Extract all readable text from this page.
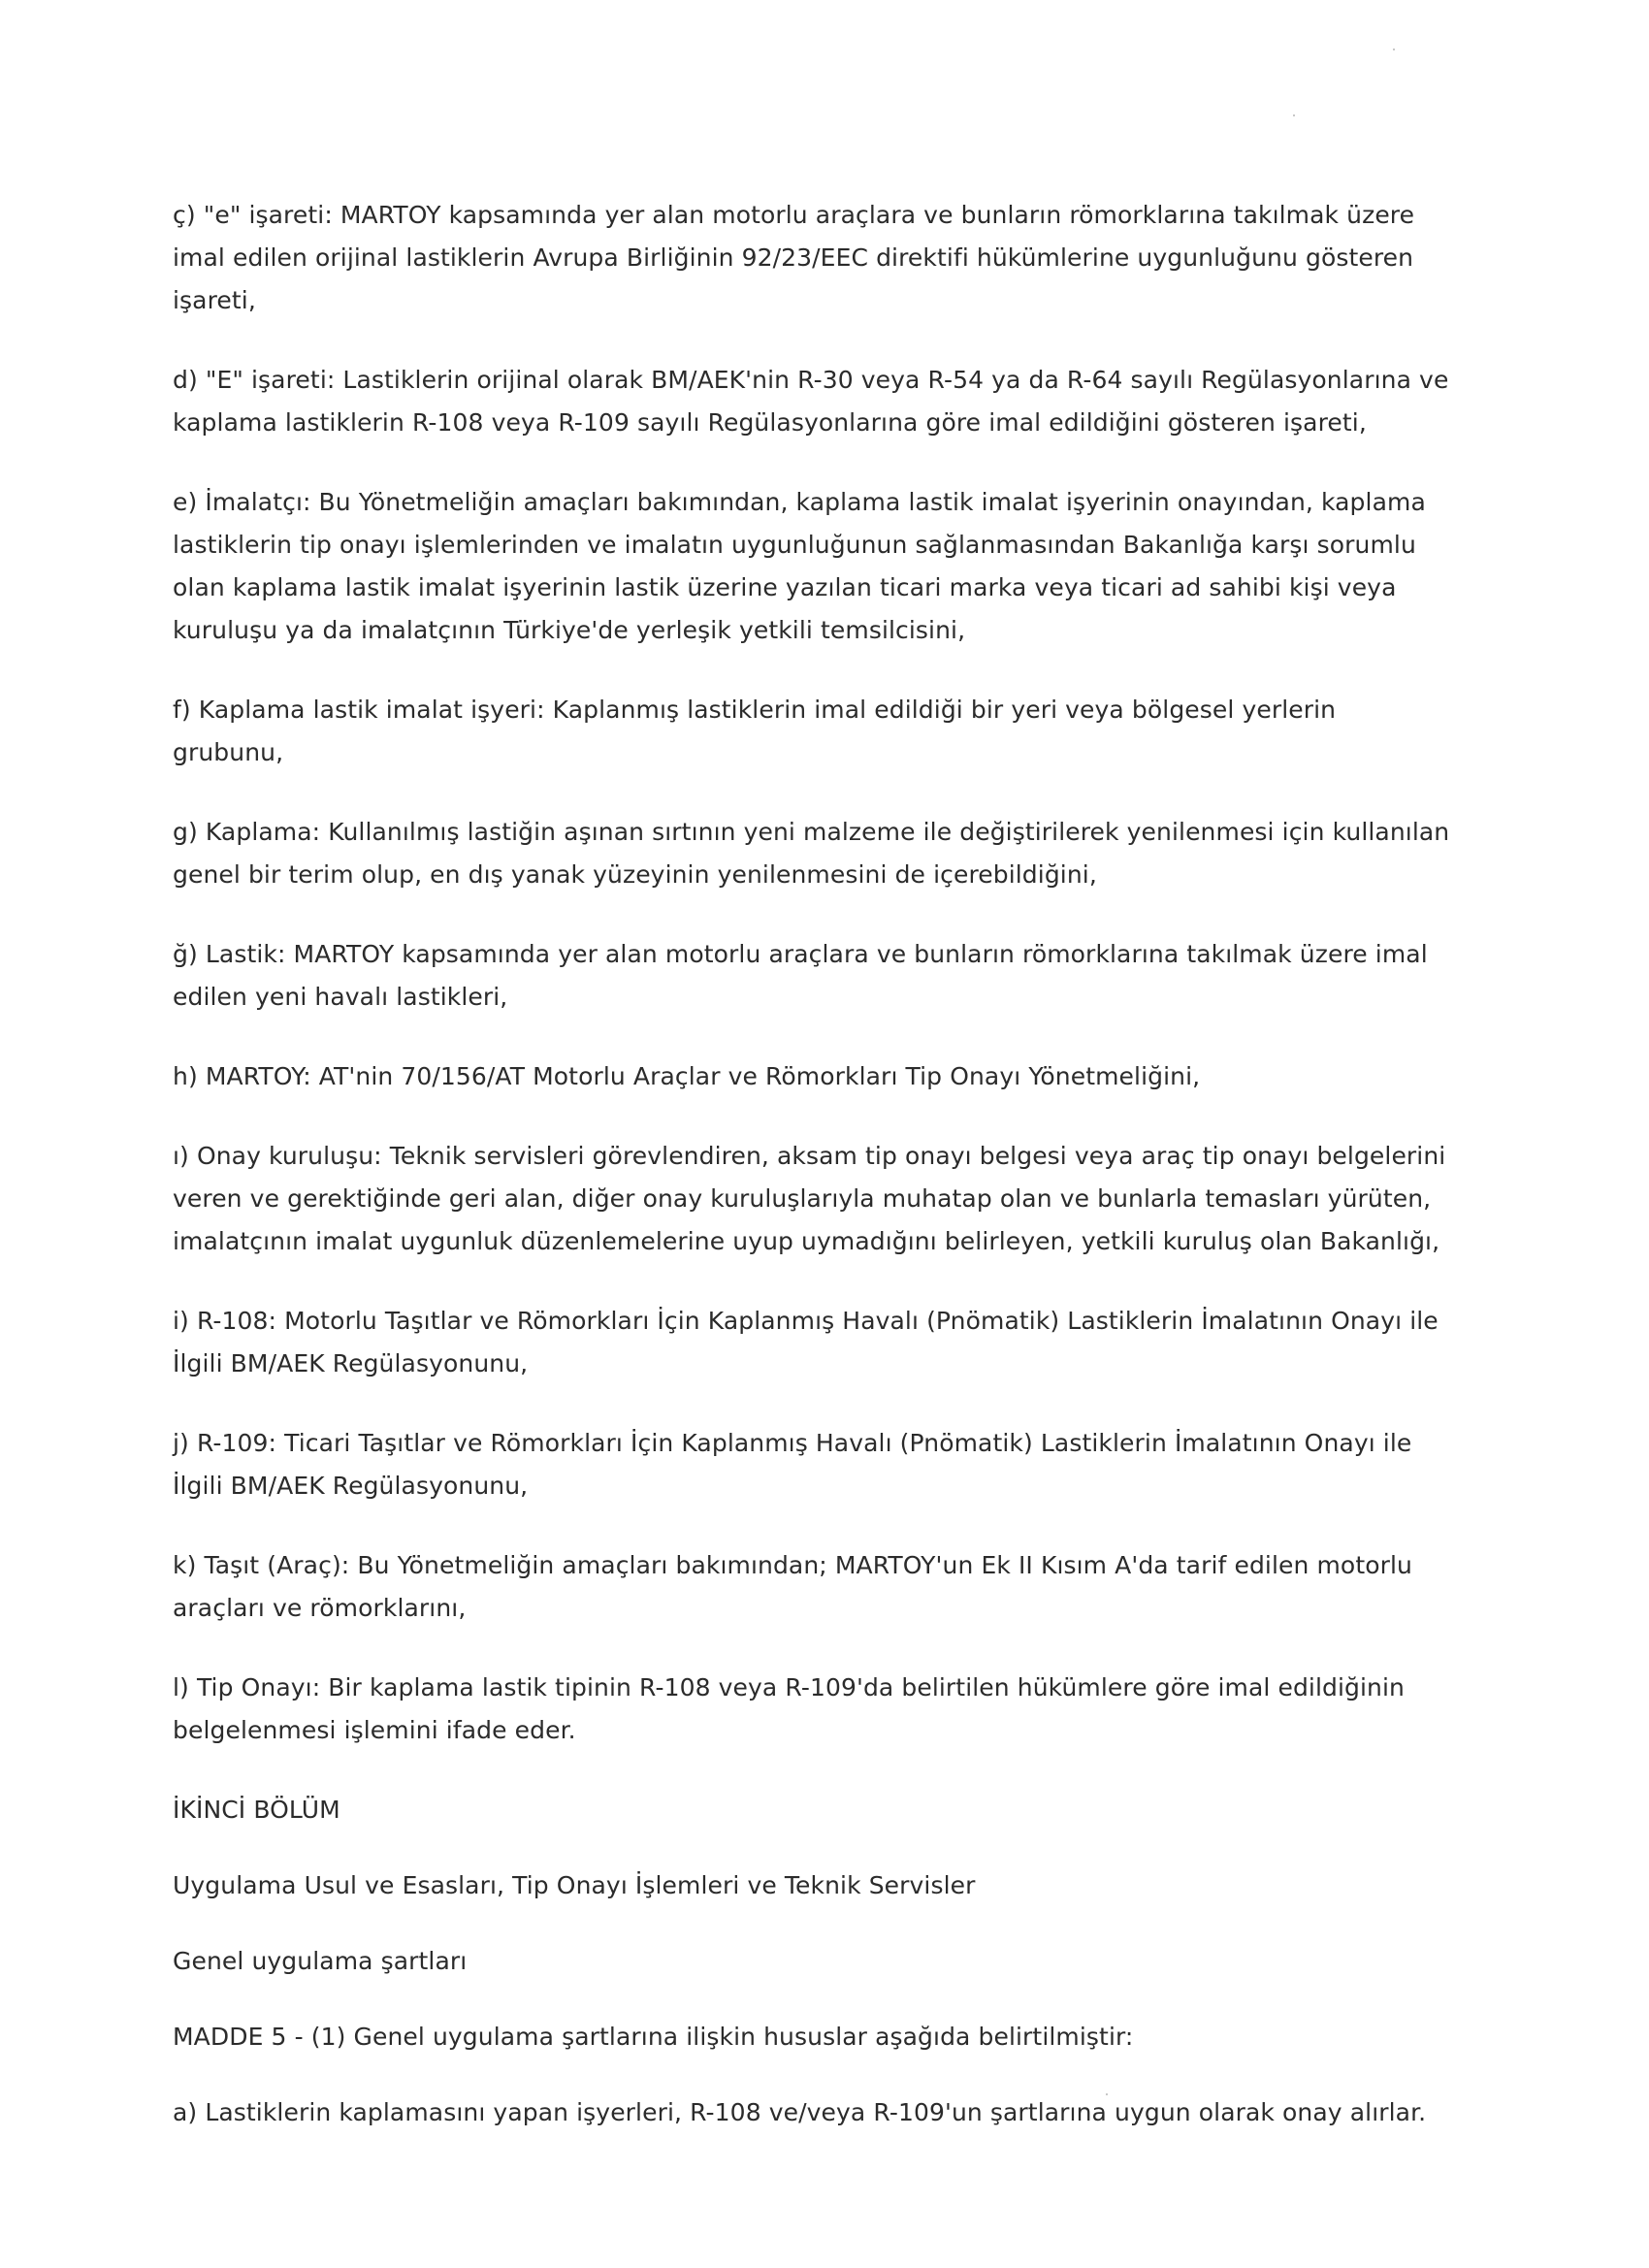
ç) "e" işareti: MARTOY kapsamında yer alan motorlu araçlara ve bunların römorklarına takılmak üzere imal edilen orijinal lastiklerin Avrupa Birliğinin 92/23/EEC direktifi hükümlerine uygunluğunu gösteren işareti,

d) "E" işareti: Lastiklerin orijinal olarak BM/AEK'nin R-30 veya R-54 ya da R-64 sayılı Regülasyonlarına ve kaplama lastiklerin R-108 veya R-109 sayılı Regülasyonlarına göre imal edildiğini gösteren işareti,

e) İmalatçı: Bu Yönetmeliğin amaçları bakımından, kaplama lastik imalat işyerinin onayından, kaplama lastiklerin tip onayı işlemlerinden ve imalatın uygunluğunun sağlanmasından Bakanlığa karşı sorumlu olan kaplama lastik imalat işyerinin lastik üzerine yazılan ticari marka veya ticari ad sahibi kişi veya kuruluşu ya da imalatçının Türkiye'de yerleşik yetkili temsilcisini,

f) Kaplama lastik imalat işyeri: Kaplanmış lastiklerin imal edildiği bir yeri veya bölgesel yerlerin grubunu,

g) Kaplama: Kullanılmış lastiğin aşınan sırtının yeni malzeme ile değiştirilerek yenilenmesi için kullanılan genel bir terim olup, en dış yanak yüzeyinin yenilenmesini de içerebildiğini,

ğ) Lastik: MARTOY kapsamında yer alan motorlu araçlara ve bunların römorklarına takılmak üzere imal edilen yeni havalı lastikleri,

h) MARTOY: AT'nin 70/156/AT Motorlu Araçlar ve Römorkları Tip Onayı Yönetmeliğini,

ı) Onay kuruluşu: Teknik servisleri görevlendiren, aksam tip onayı belgesi veya araç tip onayı belgelerini veren ve gerektiğinde geri alan, diğer onay kuruluşlarıyla muhatap olan ve bunlarla temasları yürüten, imalatçının imalat uygunluk düzenlemelerine uyup uymadığını belirleyen, yetkili kuruluş olan Bakanlığı,

i) R-108: Motorlu Taşıtlar ve Römorkları İçin Kaplanmış Havalı (Pnömatik) Lastiklerin İmalatının Onayı ile İlgili BM/AEK Regülasyonunu,

j) R-109: Ticari Taşıtlar ve Römorkları İçin Kaplanmış Havalı (Pnömatik) Lastiklerin İmalatının Onayı ile İlgili BM/AEK Regülasyonunu,

k) Taşıt (Araç): Bu Yönetmeliğin amaçları bakımından; MARTOY'un Ek II Kısım A'da tarif edilen motorlu araçları ve römorklarını,

l) Tip Onayı: Bir kaplama lastik tipinin R-108 veya R-109'da belirtilen hükümlere göre imal edildiğinin belgelenmesi işlemini ifade eder.

İKİNCİ BÖLÜM

Uygulama Usul ve Esasları, Tip Onayı İşlemleri ve Teknik Servisler

Genel uygulama şartları

MADDE 5 - (1) Genel uygulama şartlarına ilişkin hususlar aşağıda belirtilmiştir:

a) Lastiklerin kaplamasını yapan işyerleri, R-108 ve/veya R-109'un şartlarına uygun olarak onay alırlar.
